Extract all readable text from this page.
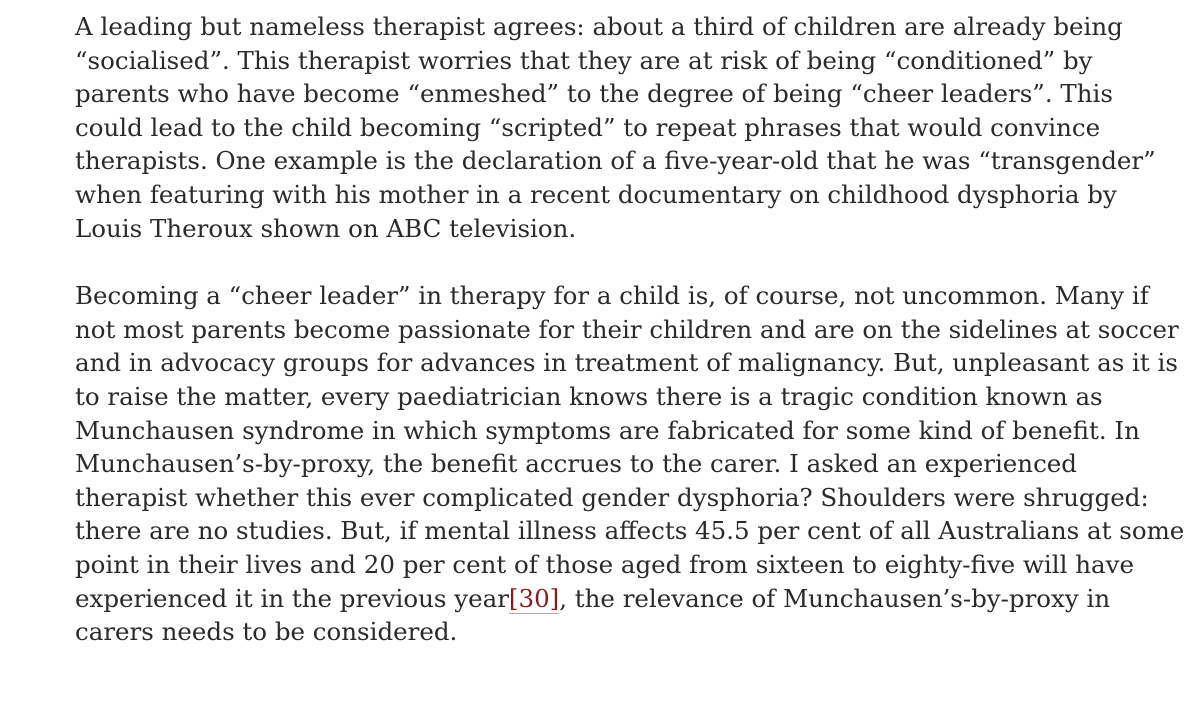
A leading but nameless therapist agrees: about a third of children are already being “socialised”. This therapist worries that they are at risk of being “conditioned” by parents who have become “enmeshed” to the degree of being “cheer leaders”. This could lead to the child becoming “scripted” to repeat phrases that would convince therapists. One example is the declaration of a five-year-old that he was “transgender” when featuring with his mother in a recent documentary on childhood dysphoria by Louis Theroux shown on ABC television.

Becoming a “cheer leader” in therapy for a child is, of course, not uncommon. Many if not most parents become passionate for their children and are on the sidelines at soccer and in advocacy groups for advances in treatment of malignancy. But, unpleasant as it is to raise the matter, every paediatrician knows there is a tragic condition known as Munchausen syndrome in which symptoms are fabricated for some kind of benefit. In Munchausen’s-by-proxy, the benefit accrues to the carer. I asked an experienced therapist whether this ever complicated gender dysphoria? Shoulders were shrugged: there are no studies. But, if mental illness affects 45.5 per cent of all Australians at some point in their lives and 20 per cent of those aged from sixteen to eighty-five will have experienced it in the previous year[30], the relevance of Munchausen’s-by-proxy in carers needs to be considered.
